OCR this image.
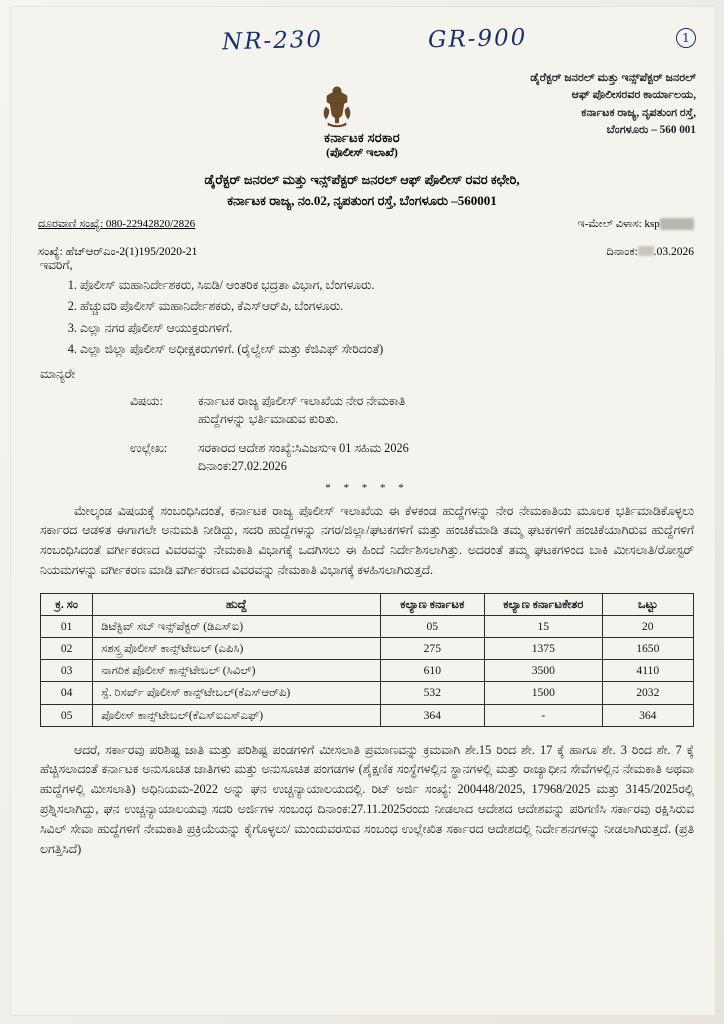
NR-230	GR-900	1
ಡೈರೆಕ್ಟರ್ ಜನರಲ್ ಮತ್ತು ಇನ್ಸ್‌ಪೆಕ್ಟರ್ ಜನರಲ್
ಆಫ್ ಪೊಲೀಸರವರ ಕಾರ್ಯಾಲಯ,
ಕರ್ನಾಟಕ ರಾಜ್ಯ, ನೃಪತುಂಗ ರಸ್ತೆ,
ಬೆಂಗಳೂರು – 560 001
ಕರ್ನಾಟಕ ಸರಕಾರ
(ಪೊಲೀಸ್ ಇಲಾಖೆ)
ಡೈರೆಕ್ಟರ್ ಜನರಲ್ ಮತ್ತು ಇನ್ಸ್‌ಪೆಕ್ಟರ್ ಜನರಲ್ ಆಫ್ ಪೊಲೀಸ್ ರವರ ಕಛೇರಿ,
ಕರ್ನಾಟಕ ರಾಜ್ಯ, ನಂ.02, ನೃಪತುಂಗ ರಸ್ತೆ, ಬೆಂಗಳೂರು –560001
ದೂರವಾಣಿ ಸಂಖ್ಯೆ: 080-22942820/2826	ಇ-ಮೇಲ್ ವಿಳಾಸ: ksp
ಸಂಖ್ಯೆ: ಹೆಚ್‌ಆರ್‌ಎಂ-2(1)195/2020-21	ದಿನಾಂಕ: .03.2026
ಇವರಿಗೆ,
1. ಪೊಲೀಸ್ ಮಹಾನಿರ್ದೇಶಕರು, ಸಿಐಡಿ/ ಆಂತರಿಕ ಭದ್ರತಾ ವಿಭಾಗ, ಬೆಂಗಳೂರು.
2. ಹೆಚ್ಚುವರಿ ಪೊಲೀಸ್ ಮಹಾನಿರ್ದೇಶಕರು, ಕೆಎಸ್‌ಆರ್‌ಪಿ, ಬೆಂಗಳೂರು.
3. ಎಲ್ಲಾ ನಗರ ಪೊಲೀಸ್ ಆಯುಕ್ತರುಗಳಿಗೆ.
4. ಎಲ್ಲಾ ಜಿಲ್ಲಾ ಪೊಲೀಸ್ ಅಧೀಕ್ಷಕರುಗಳಿಗೆ. (ರೈಲ್ವೇಸ್ ಮತ್ತು ಕೆಜಿಎಫ್ ಸೇರಿದಂತೆ)
ಮಾನ್ಯರೇ
ವಿಷಯ:	ಕರ್ನಾಟಕ ರಾಜ್ಯ ಪೊಲೀಸ್ ಇಲಾಖೆಯ ನೇರ ನೇಮಕಾತಿ
ಹುದ್ದೆಗಳನ್ನು ಭರ್ತಿಮಾಡುವ ಕುರಿತು.
ಉಲ್ಲೇಖ:	ಸರಕಾರದ ಆದೇಶ ಸಂಖ್ಯೆ:ಸಿಎಜಸುಇ 01 ಸಹಿಮ 2026
ದಿನಾಂಕ:27.02.2026
* * * * *

ಮೇಲ್ಕಂಡ ವಿಷಯಕ್ಕೆ ಸಂಬಂಧಿಸಿದಂತೆ, ಕರ್ನಾಟಕ ರಾಜ್ಯ ಪೊಲೀಸ್ ಇಲಾಖೆಯ ಈ ಕೆಳಕಂಡ ಹುದ್ದೆಗಳನ್ನು ನೇರ ನೇಮಕಾತಿಯ ಮೂಲಕ ಭರ್ತಿಮಾಡಿಕೊಳ್ಳಲು ಸರ್ಕಾರದ ಆಡಳಿತ ಈಗಾಗಲೇ ಅನುಮತಿ ನೀಡಿದ್ದು, ಸದರಿ ಹುದ್ದೆಗಳನ್ನು ನಗರ/ಜಿಲ್ಲಾ/ಘಟಕಗಳಿಗೆ ಮತ್ತು ಹಂಚಿಕೆಮಾಡಿ ತಮ್ಮ ಘಟಕಗಳಿಗೆ ಹಂಚಿಕೆಯಾಗಿರುವ ಹುದ್ದೆಗಳಿಗೆ ಸಂಬಂಧಿಸಿದಂತೆ ವರ್ಗೀಕರಣದ ವಿವರವನ್ನು ನೇಮಕಾತಿ ವಿಭಾಗಕ್ಕೆ ಒದಗಿಸಲು ಈ ಹಿಂದೆ ನಿರ್ದೇಶಿಸಲಾಗಿತ್ತು. ಅದರಂತೆ ತಮ್ಮ ಘಟಕಗಳಿಂದ ಬಾಕಿ ಮೀಸಲಾತಿ/ರೋಸ್ಟರ್ ನಿಯಮಗಳನ್ನು ವರ್ಗೀಕರಣ ಮಾಡಿ ವರ್ಗೀಕರಣದ ವಿವರವನ್ನು ನೇಮಕಾತಿ ವಿಭಾಗಕ್ಕೆ ಕಳಹಿಸಲಾಗಿರುತ್ತದೆ.

ಕ್ರ. ಸಂ	ಹುದ್ದೆ	ಕಲ್ಯಾಣ ಕರ್ನಾಟಕ	ಕಲ್ಯಾಣ ಕರ್ನಾಟಕೇತರ	ಒಟ್ಟು
01	ಡಿಟೆಕ್ಟಿವ್ ಸಬ್ ಇನ್ಸ್‌ಪೆಕ್ಟರ್ (ಡಿಎಸ್‌ಐ)	05	15	20
02	ಸಶಸ್ತ್ರ ಪೊಲೀಸ್ ಕಾನ್ಸ್‌ಟೇಬಲ್ (ಎಪಿಸಿ)	275	1375	1650
03	ನಾಗರಿಕ ಪೊಲೀಸ್ ಕಾನ್ಸ್‌ಟೇಬಲ್ (ಸಿವಿಲ್)	610	3500	4110
04	ಸ್ಪೆ. ರಿಸರ್ವ್ ಪೊಲೀಸ್ ಕಾನ್ಸ್‌ಟೇಬಲ್(ಕೆಎಸ್‌ಆರ್‌ಪಿ)	532	1500	2032
05	ಪೊಲೀಸ್ ಕಾನ್ಸ್‌ಟೇಬಲ್(ಕೆಎಸ್‌ಐಎಸ್‌ಎಫ್)	364	-	364

ಆದರೆ, ಸರ್ಕಾರವು ಪರಿಶಿಷ್ಟ ಜಾತಿ ಮತ್ತು ಪರಿಶಿಷ್ಟ ಪಂಡಗಳಿಗೆ ಮೀಸಲಾತಿ ಪ್ರಮಾಣವನ್ನು ಕ್ರಮವಾಗಿ ಶೇ.15 ರಿಂದ ಶೇ. 17 ಕ್ಕೆ ಹಾಗೂ ಶೇ. 3 ರಿಂದ ಶೇ. 7 ಕ್ಕೆ ಹೆಚ್ಚಿಸಲಾದಂತೆ ಕರ್ನಾಟಕ ಅನುಸೂಚಿತ ಜಾತಿಗಳು ಮತ್ತು ಅನುಸೂಚಿತ ಪಂಗಡಗಳ (ಶೈಕ್ಷಣಿಕ ಸಂಸ್ಥೆಗಳಲ್ಲಿನ ಸ್ಥಾನಗಳಲ್ಲಿ ಮತ್ತು ರಾಜ್ಯಾಧೀನ ಸೇವೆಗಳಲ್ಲಿನ ನೇಮಕಾತಿ ಅಥವಾ ಹುದ್ದೆಗಳಲ್ಲಿ ಮೀಸಲಾತಿ) ಅಧಿನಿಯಮ-2022 ಅನ್ನು ಘನ ಉಚ್ಚನ್ಯಾಯಾಲಯದಲ್ಲಿ. ರಿಟ್ ಅರ್ಜಿ ಸಂಖ್ಯೆ: 200448/2025, 17968/2025 ಮತ್ತು 3145/2025ರಲ್ಲಿ ಪ್ರಶ್ನಿಸಲಾಗಿದ್ದು, ಘನ ಉಚ್ಚನ್ಯಾಯಾಲಯವು ಸದರಿ ಅರ್ಜಿಗಳ ಸಂಬಂಧ ದಿನಾಂಕ:27.11.2025ರಂದು ನೀಡಲಾದ ಆದೇಶದ ಆದೇಶವನ್ನು ಪರಿಗಣಿಸಿ ಸರ್ಕಾರವು ರಕ್ಷಿಸಿರುವ ಸಿವಿಲ್ ಸೇವಾ ಹುದ್ದೆಗಳಿಗೆ ನೇಮಕಾತಿ ಪ್ರಕ್ರಿಯೆಯನ್ನು ಕೈಗೊಳ್ಳಲು/ ಮುಂದುವರಸುವ ಸಂಬಂಧ ಉಲ್ಲೇಖಿತ ಸರ್ಕಾರದ ಆದೇಶದಲ್ಲಿ ನಿರ್ದೇಶನಗಳನ್ನು ನೀಡಲಾಗಿರುತ್ತದೆ. (ಪ್ರತಿ ಲಗತ್ತಿಸಿದೆ)
